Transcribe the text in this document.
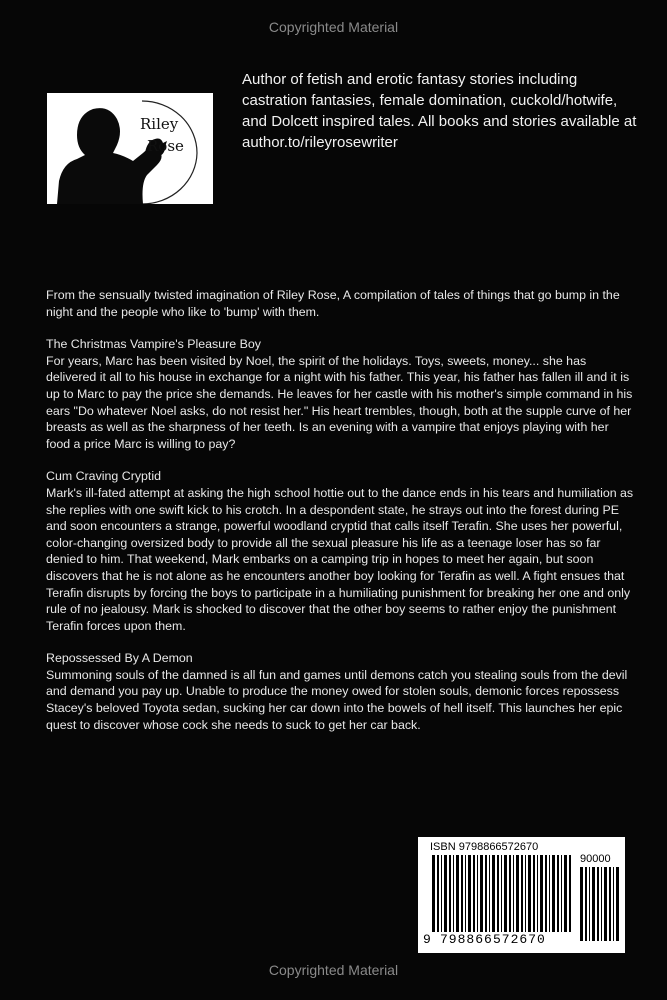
Copyrighted Material
Riley
Rose

Author of fetish and erotic fantasy stories including castration fantasies, female domination, cuckold/hotwife, and Dolcett inspired tales. All books and stories available at author.to/rileyrosewriter

From the sensually twisted imagination of Riley Rose, A compilation of tales of things that go bump in the night and the people who like to 'bump' with them.

The Christmas Vampire's Pleasure Boy

For years, Marc has been visited by Noel, the spirit of the holidays. Toys, sweets, money... she has delivered it all to his house in exchange for a night with his father. This year, his father has fallen ill and it is up to Marc to pay the price she demands. He leaves for her castle with his mother's simple command in his ears "Do whatever Noel asks, do not resist her." His heart trembles, though, both at the supple curve of her breasts as well as the sharpness of her teeth. Is an evening with a vampire that enjoys playing with her food a price Marc is willing to pay?

Cum Craving Cryptid

Mark's ill-fated attempt at asking the high school hottie out to the dance ends in his tears and humiliation as she replies with one swift kick to his crotch. In a despondent state, he strays out into the forest during PE and soon encounters a strange, powerful woodland cryptid that calls itself Terafin. She uses her powerful, color-changing oversized body to provide all the sexual pleasure his life as a teenage loser has so far denied to him. That weekend, Mark embarks on a camping trip in hopes to meet her again, but soon discovers that he is not alone as he encounters another boy looking for Terafin as well. A fight ensues that Terafin disrupts by forcing the boys to participate in a humiliating punishment for breaking her one and only rule of no jealousy. Mark is shocked to discover that the other boy seems to rather enjoy the punishment Terafin forces upon them.

Repossessed By A Demon

Summoning souls of the damned is all fun and games until demons catch you stealing souls from the devil and demand you pay up. Unable to produce the money owed for stolen souls, demonic forces repossess Stacey's beloved Toyota sedan, sucking her car down into the bowels of hell itself. This launches her epic quest to discover whose cock she needs to suck to get her car back.

ISBN 9798866572670
90000
9 798866 572670
Copyrighted Material
